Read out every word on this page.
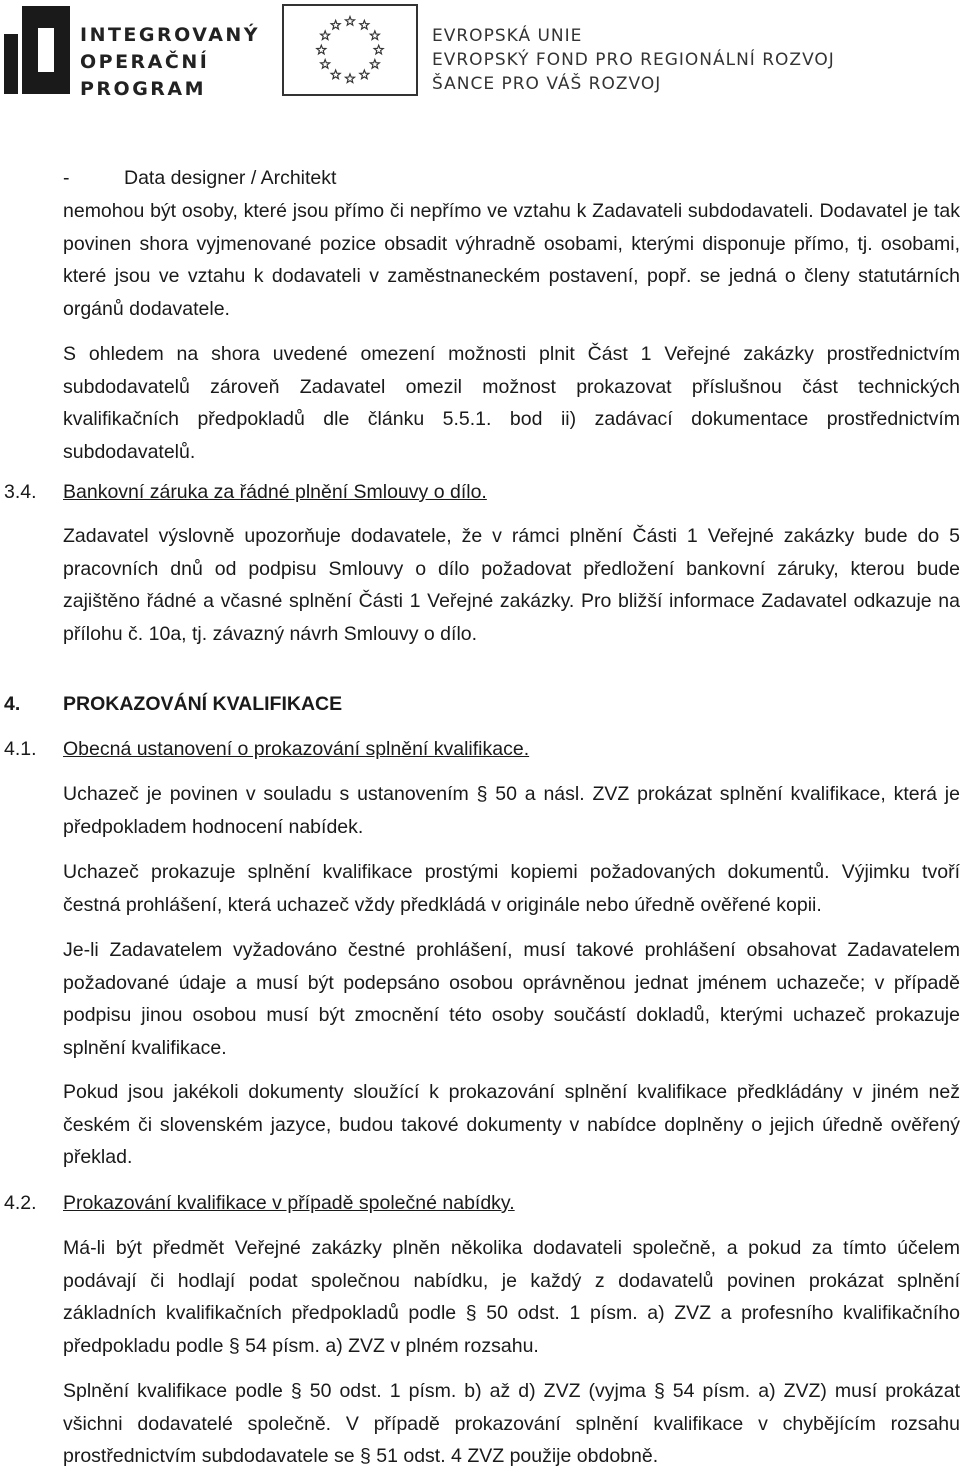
INTEGROVANÝ
OPERAČNÍ
PROGRAM
EVROPSKÁ UNIE
EVROPSKÝ FOND PRO REGIONÁLNÍ ROZVOJ
ŠANCE PRO VÁŠ ROZVOJ
-	Data designer / Architekt
nemohou být osoby, které jsou přímo či nepřímo ve vztahu k Zadavateli subdodavateli. Dodavatel je tak povinen shora vyjmenované pozice obsadit výhradně osobami, kterými disponuje přímo, tj. osobami, které jsou ve vztahu k dodavateli v zaměstnaneckém postavení, popř. se jedná o členy statutárních orgánů dodavatele.
S ohledem na shora uvedené omezení možnosti plnit Část 1 Veřejné zakázky prostřednictvím subdodavatelů zároveň Zadavatel omezil možnost prokazovat příslušnou část technických kvalifikačních předpokladů dle článku 5.5.1. bod ii) zadávací dokumentace prostřednictvím subdodavatelů.
3.4. Bankovní záruka za řádné plnění Smlouvy o dílo.
Zadavatel výslovně upozorňuje dodavatele, že v rámci plnění Části 1 Veřejné zakázky bude do 5 pracovních dnů od podpisu Smlouvy o dílo požadovat předložení bankovní záruky, kterou bude zajištěno řádné a včasné splnění Části 1 Veřejné zakázky. Pro bližší informace Zadavatel odkazuje na přílohu č. 10a, tj. závazný návrh Smlouvy o dílo.
4. PROKAZOVÁNÍ KVALIFIKACE
4.1. Obecná ustanovení o prokazování splnění kvalifikace.
Uchazeč je povinen v souladu s ustanovením § 50 a násl. ZVZ prokázat splnění kvalifikace, která je předpokladem hodnocení nabídek.
Uchazeč prokazuje splnění kvalifikace prostými kopiemi požadovaných dokumentů. Výjimku tvoří čestná prohlášení, která uchazeč vždy předkládá v originále nebo úředně ověřené kopii.
Je-li Zadavatelem vyžadováno čestné prohlášení, musí takové prohlášení obsahovat Zadavatelem požadované údaje a musí být podepsáno osobou oprávněnou jednat jménem uchazeče; v případě podpisu jinou osobou musí být zmocnění této osoby součástí dokladů, kterými uchazeč prokazuje splnění kvalifikace.
Pokud jsou jakékoli dokumenty sloužící k prokazování splnění kvalifikace předkládány v jiném než českém či slovenském jazyce, budou takové dokumenty v nabídce doplněny o jejich úředně ověřený překlad.
4.2. Prokazování kvalifikace v případě společné nabídky.
Má-li být předmět Veřejné zakázky plněn několika dodavateli společně, a pokud za tímto účelem podávají či hodlají podat společnou nabídku, je každý z dodavatelů povinen prokázat splnění základních kvalifikačních předpokladů podle § 50 odst. 1 písm. a) ZVZ a profesního kvalifikačního předpokladu podle § 54 písm. a) ZVZ v plném rozsahu.
Splnění kvalifikace podle § 50 odst. 1 písm. b) až d) ZVZ (vyjma § 54 písm. a) ZVZ) musí prokázat všichni dodavatelé společně. V případě prokazování splnění kvalifikace v chybějícím rozsahu prostřednictvím subdodavatele se § 51 odst. 4 ZVZ použije obdobně.
